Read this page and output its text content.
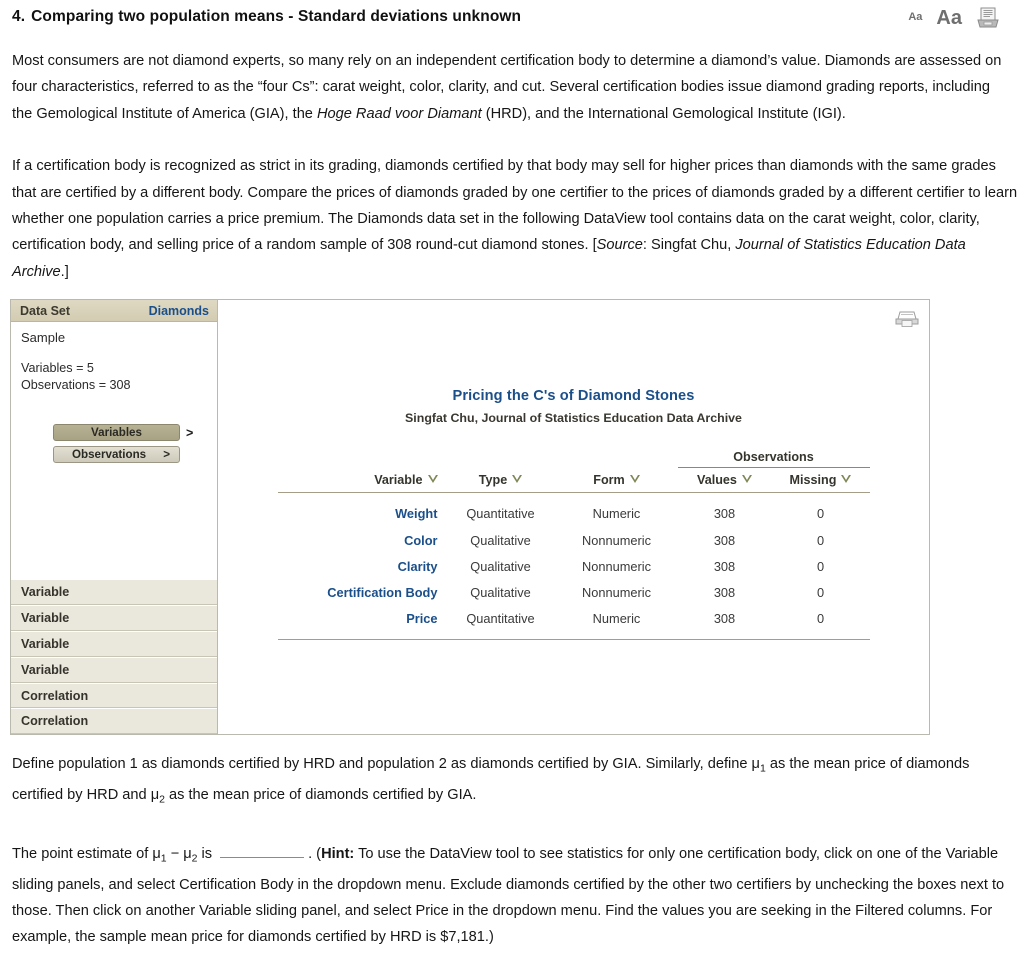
4. Comparing two population means - Standard deviations unknown	Aa Aa

Most consumers are not diamond experts, so many rely on an independent certification body to determine a diamond’s value. Diamonds are assessed on four characteristics, referred to as the “four Cs”: carat weight, color, clarity, and cut. Several certification bodies issue diamond grading reports, including the Gemological Institute of America (GIA), the Hoge Raad voor Diamant (HRD), and the International Gemological Institute (IGI).

If a certification body is recognized as strict in its grading, diamonds certified by that body may sell for higher prices than diamonds with the same grades that are certified by a different body. Compare the prices of diamonds graded by one certifier to the prices of diamonds graded by a different certifier to learn whether one population carries a price premium. The Diamonds data set in the following DataView tool contains data on the carat weight, color, clarity, certification body, and selling price of a random sample of 308 round-cut diamond stones. [Source: Singfat Chu, Journal of Statistics Education Data Archive.]

Data Set	Diamonds
Sample
Variables = 5
Observations = 308
Variables	>
Observations >
Variable
Variable
Variable
Variable
Correlation
Correlation
Pricing the C's of Diamond Stones
Singfat Chu, Journal of Statistics Education Data Archive
			Observations	
Variable	Type	Form	Values	Missing

Weight	Quantitative	Numeric	308	0
Color	Qualitative	Nonnumeric	308	0
Clarity	Qualitative	Nonnumeric	308	0
Certification Body	Qualitative	Nonnumeric	308	0
Price	Quantitative	Numeric	308	0

Define population 1 as diamonds certified by HRD and population 2 as diamonds certified by GIA. Similarly, define $\mu_1$ as the mean price of diamonds certified by HRD and $\mu_2$ as the mean price of diamonds certified by GIA.

The point estimate of $\mu_1 - \mu_2$ is	. (Hint: To use the DataView tool to see statistics for only one certification body, click on one of the Variable sliding panels, and select Certification Body in the dropdown menu. Exclude diamonds certified by the other two certifiers by unchecking the boxes next to those. Then click on another Variable sliding panel, and select Price in the dropdown menu. Find the values you are seeking in the Filtered columns. For example, the sample mean price for diamonds certified by HRD is $7,181.)
